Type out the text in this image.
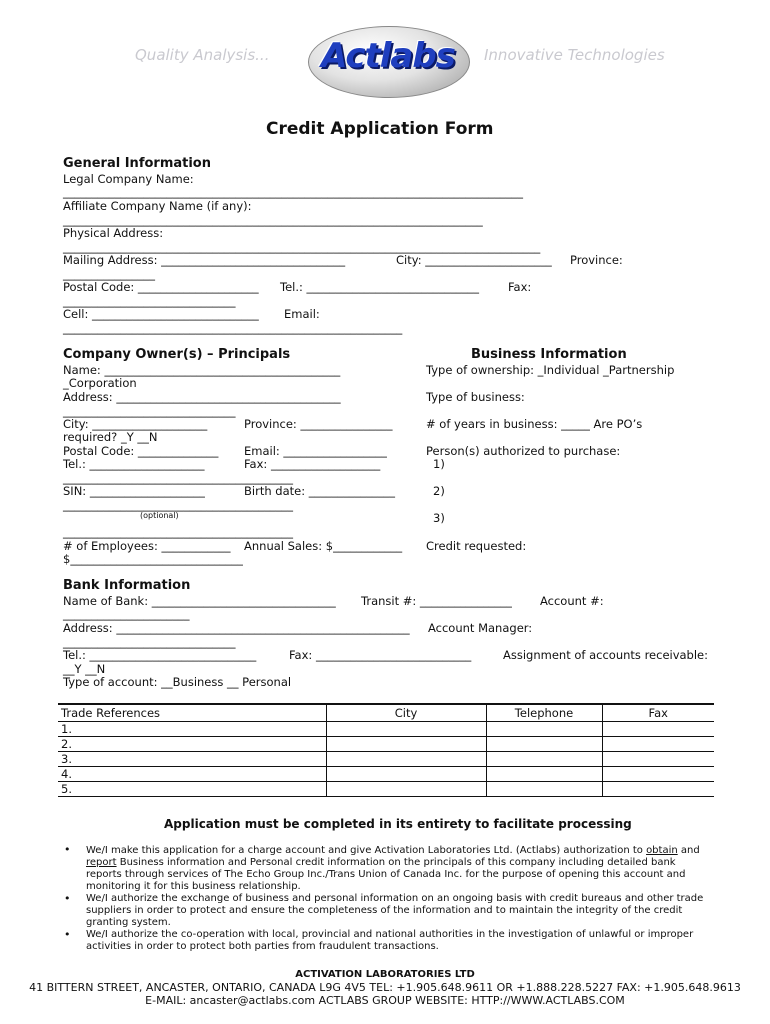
Quality Analysis... Actlabs	Innovative Technologies
Credit Application Form
General Information
Legal Company Name:
________________________________________________________________________________
Affiliate Company Name (if any):
_________________________________________________________________________
Physical Address:
___________________________________________________________________________________
Mailing Address: ________________________________	City: ______________________ Province:
________________
Postal Code: _____________________ Tel.: ______________________________	Fax:
______________________________
Cell: _____________________________ Email:
___________________________________________________________
Company Owner(s) – Principals
Name: _________________________________________
_Corporation
Address: _______________________________________
______________________________
City: ____________________	Province: ________________
required? _Y __N
Postal Code: ______________ Email: __________________
Tel.: ____________________	Fax: ___________________
________________________________________
SIN: ____________________	Birth date: _______________
________________________________________
(optional)
________________________________________
# of Employees: ____________ Annual Sales: $____________
$______________________________
Business Information
Type of ownership: _Individual _Partnership
Type of business:
# of years in business: _____ Are PO’s
Person(s) authorized to purchase:
1)
2)
3)
Credit requested:
Bank Information
Name of Bank: ________________________________ Transit #: ________________ Account #:
______________________
Address: ___________________________________________________ Account Manager:
______________________________
Tel.: _____________________________	Fax: ___________________________	Assignment of accounts receivable:
__Y __N
Type of account: __Business __ Personal
Trade References	City	Telephone	Fax
1.			
2.			
3.			
4.			
5.			
Application must be completed in its entirety to facilitate processing
• We/I make this application for a charge account and give Activation Laboratories Ltd. (Actlabs) authorization to obtain and report Business information and Personal credit information on the principals of this company including detailed bank reports through services of The Echo Group Inc./Trans Union of Canada Inc. for the purpose of opening this account and monitoring it for this business relationship.
• We/I authorize the exchange of business and personal information on an ongoing basis with credit bureaus and other trade suppliers in order to protect and ensure the completeness of the information and to maintain the integrity of the credit granting system.
• We/I authorize the co-operation with local, provincial and national authorities in the investigation of unlawful or improper activities in order to protect both parties from fraudulent transactions.
ACTIVATION LABORATORIES LTD
41 BITTERN STREET, ANCASTER, ONTARIO, CANADA L9G 4V5 TEL: +1.905.648.9611 OR +1.888.228.5227 FAX: +1.905.648.9613
E-MAIL: ancaster@actlabs.com ACTLABS GROUP WEBSITE: HTTP://WWW.ACTLABS.COM
